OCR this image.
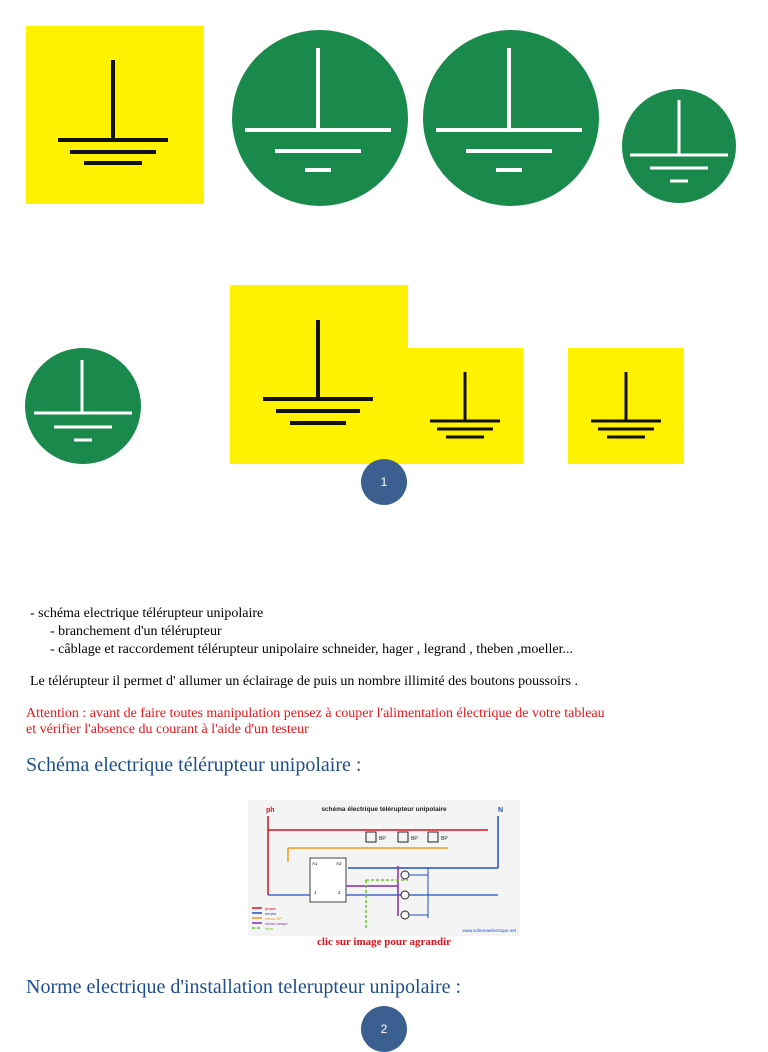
1
- schéma electrique télérupteur unipolaire
- branchement d'un télérupteur
- câblage et raccordement télérupteur unipolaire schneider, hager , legrand , theben ,moeller...
Le télérupteur il permet d' allumer un éclairage de puis un nombre illimité des boutons poussoirs .
Attention : avant de faire toutes manipulation pensez à couper l'alimentation électrique de votre tableau
et vérifier l'absence du courant à l'aide d'un testeur
Schéma electrique télérupteur unipolaire :
ph	N
schéma électrique télérupteur unipolaire
BP	BP	BP
A1	A2
1	2
phase
neutre
retour BP
retour lampe
terre	www.schemaelectrique.net
clic sur image pour agrandir
Norme electrique d'installation telerupteur unipolaire :
2
